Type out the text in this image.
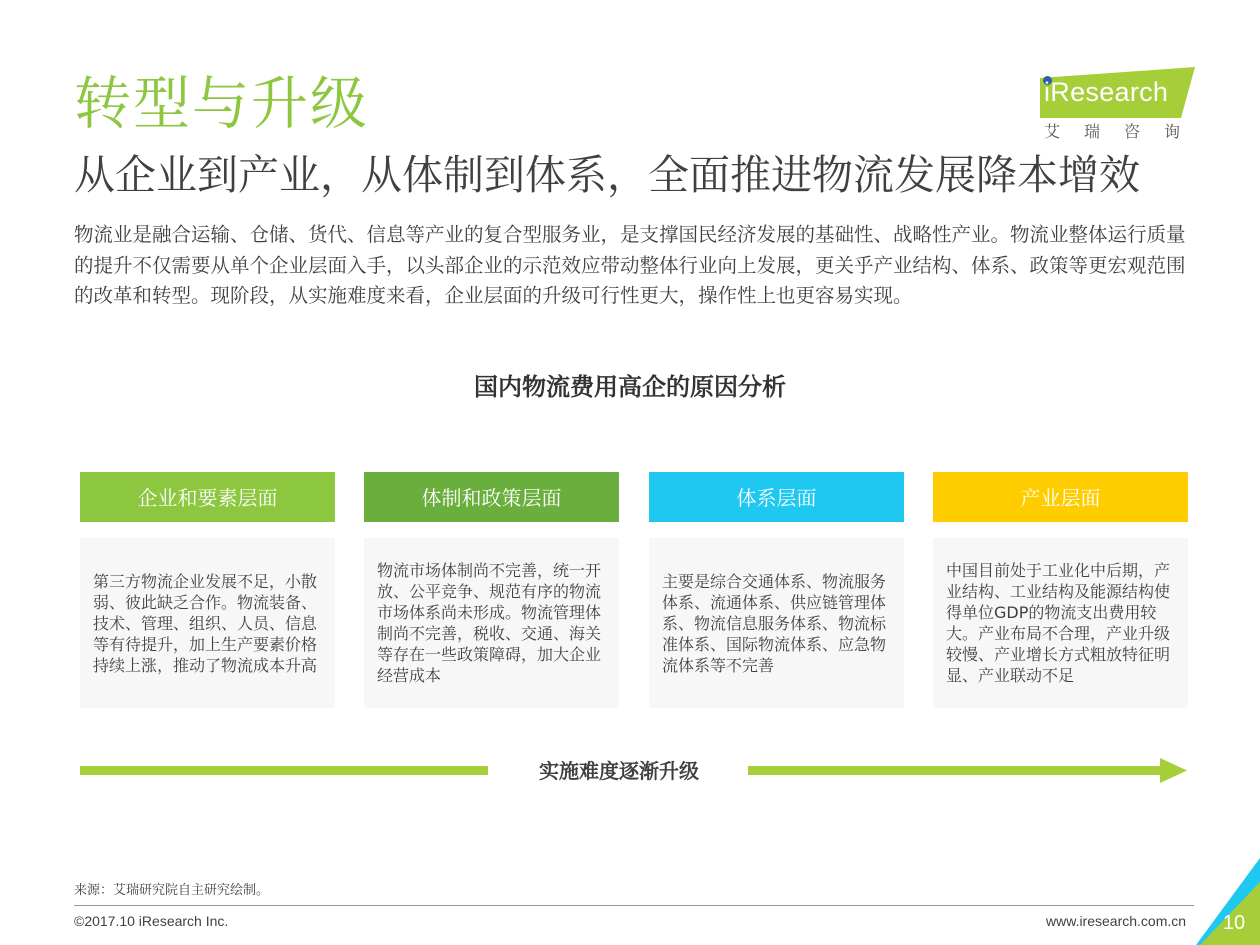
转型与升级
从企业到产业，从体制到体系，全面推进物流发展降本增效
iResearch
艾瑞咨询
物流业是融合运输、仓储、货代、信息等产业的复合型服务业，是支撑国民经济发展的基础性、战略性产业。物流业整体运行质量的提升不仅需要从单个企业层面入手，以头部企业的示范效应带动整体行业向上发展，更关乎产业结构、体系、政策等更宏观范围的改革和转型。现阶段，从实施难度来看，企业层面的升级可行性更大，操作性上也更容易实现。
国内物流费用高企的原因分析
企业和要素层面
第三方物流企业发展不足，小散弱、彼此缺乏合作。物流装备、技术、管理、组织、人员、信息等有待提升，加上生产要素价格持续上涨，推动了物流成本升高
体制和政策层面
物流市场体制尚不完善，统一开放、公平竞争、规范有序的物流市场体系尚未形成。物流管理体制尚不完善，税收、交通、海关等存在一些政策障碍，加大企业经营成本
体系层面
主要是综合交通体系、物流服务体系、流通体系、供应链管理体系、物流信息服务体系、物流标准体系、国际物流体系、应急物流体系等不完善
产业层面
中国目前处于工业化中后期，产业结构、工业结构及能源结构使得单位GDP的物流支出费用较大。产业布局不合理，产业升级较慢、产业增长方式粗放特征明显、产业联动不足
实施难度逐渐升级
来源：艾瑞研究院自主研究绘制。
©2017.10 iResearch Inc.	www.iresearch.com.cn	10
